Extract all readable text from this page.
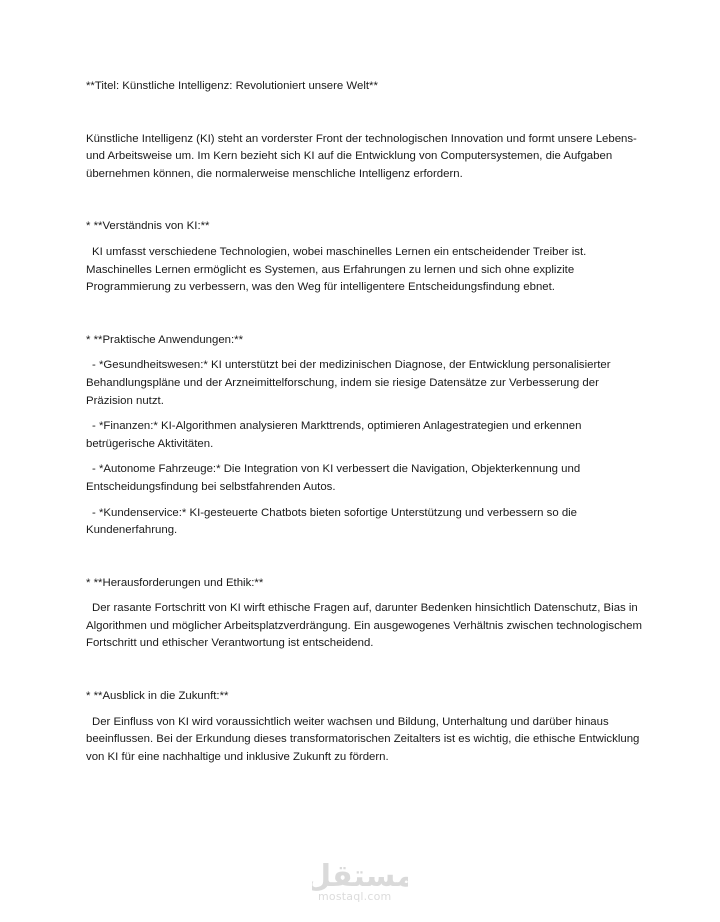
**Titel: Künstliche Intelligenz: Revolutioniert unsere Welt**

Künstliche Intelligenz (KI) steht an vorderster Front der technologischen Innovation und formt unsere Lebens- und Arbeitsweise um. Im Kern bezieht sich KI auf die Entwicklung von Computersystemen, die Aufgaben übernehmen können, die normalerweise menschliche Intelligenz erfordern.

* **Verständnis von KI:**

KI umfasst verschiedene Technologien, wobei maschinelles Lernen ein entscheidender Treiber ist. Maschinelles Lernen ermöglicht es Systemen, aus Erfahrungen zu lernen und sich ohne explizite Programmierung zu verbessern, was den Weg für intelligentere Entscheidungsfindung ebnet.

* **Praktische Anwendungen:**

- *Gesundheitswesen:* KI unterstützt bei der medizinischen Diagnose, der Entwicklung personalisierter Behandlungspläne und der Arzneimittelforschung, indem sie riesige Datensätze zur Verbesserung der Präzision nutzt.

- *Finanzen:* KI-Algorithmen analysieren Markttrends, optimieren Anlagestrategien und erkennen betrügerische Aktivitäten.

- *Autonome Fahrzeuge:* Die Integration von KI verbessert die Navigation, Objekterkennung und Entscheidungsfindung bei selbstfahrenden Autos.

- *Kundenservice:* KI-gesteuerte Chatbots bieten sofortige Unterstützung und verbessern so die Kundenerfahrung.

* **Herausforderungen und Ethik:**

Der rasante Fortschritt von KI wirft ethische Fragen auf, darunter Bedenken hinsichtlich Datenschutz, Bias in Algorithmen und möglicher Arbeitsplatzverdrängung. Ein ausgewogenes Verhältnis zwischen technologischem Fortschritt und ethischer Verantwortung ist entscheidend.

* **Ausblick in die Zukunft:**

Der Einfluss von KI wird voraussichtlich weiter wachsen und Bildung, Unterhaltung und darüber hinaus beeinflussen. Bei der Erkundung dieses transformatorischen Zeitalters ist es wichtig, die ethische Entwicklung von KI für eine nachhaltige und inklusive Zukunft zu fördern.

مستقل
mostaql.com
